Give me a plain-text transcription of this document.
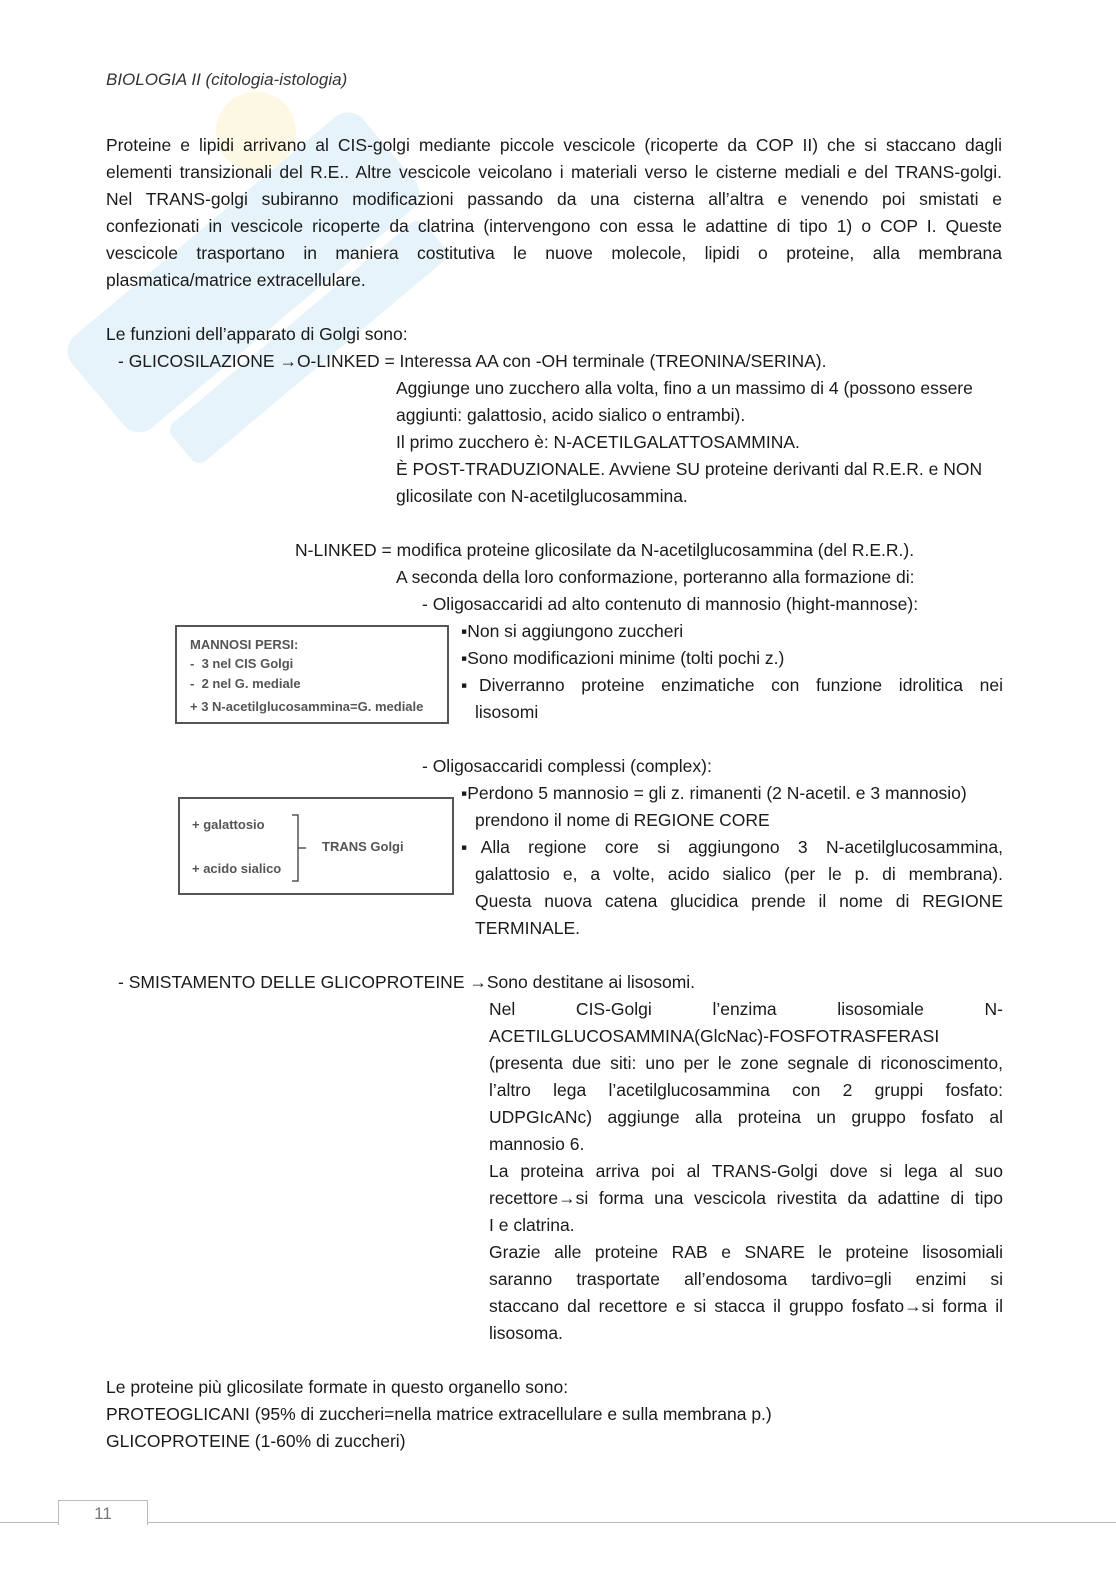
BIOLOGIA II (citologia-istologia)
Proteine e lipidi arrivano al CIS-golgi mediante piccole vescicole (ricoperte da COP II) che si staccano dagli
elementi transizionali del R.E.. Altre vescicole veicolano i materiali verso le cisterne mediali e del TRANS-golgi.
Nel TRANS-golgi subiranno modificazioni passando da una cisterna all’altra e venendo poi smistati e
confezionati in vescicole ricoperte da clatrina (intervengono con essa le adattine di tipo 1) o COP I. Queste
vescicole trasportano in maniera costitutiva le nuove molecole, lipidi o proteine, alla membrana
plasmatica/matrice extracellulare.
Le funzioni dell’apparato di Golgi sono:
- GLICOSILAZIONE →O-LINKED = Interessa AA con -OH terminale (TREONINA/SERINA).
Aggiunge uno zucchero alla volta, fino a un massimo di 4 (possono essere
aggiunti: galattosio, acido sialico o entrambi).
Il primo zucchero è: N-ACETILGALATTOSAMMINA.
È POST-TRADUZIONALE. Avviene SU proteine derivanti dal R.E.R. e NON
glicosilate con N-acetilglucosammina.
N-LINKED = modifica proteine glicosilate da N-acetilglucosammina (del R.E.R.).
A seconda della loro conformazione, porteranno alla formazione di:
- Oligosaccaridi ad alto contenuto di mannosio (hight-mannose):
▪ Non si aggiungono zuccheri
▪ Sono modificazioni minime (tolti pochi z.)
▪ Diverranno proteine enzimatiche con funzione idrolitica nei
lisosomi
MANNOSI PERSI:
-  3 nel CIS Golgi
-  2 nel G. mediale
+ 3 N-acetilglucosammina=G. mediale
- Oligosaccaridi complessi (complex):
▪ Perdono 5 mannosio = gli z. rimanenti (2 N-acetil. e 3 mannosio)
prendono il nome di REGIONE CORE
▪ Alla regione core si aggiungono 3 N-acetilglucosammina,
galattosio e, a volte, acido sialico (per le p. di membrana).
Questa nuova catena glucidica prende il nome di REGIONE
TERMINALE.
+ galattosio
+ acido sialico
TRANS Golgi
- SMISTAMENTO DELLE GLICOPROTEINE →Sono destitane ai lisosomi.
Nel CIS-Golgi l’enzima lisosomiale N-
ACETILGLUCOSAMMINA(GlcNac)-FOSFOTRASFERASI
(presenta due siti: uno per le zone segnale di riconoscimento,
l’altro lega l’acetilglucosammina con 2 gruppi fosfato:
UDPGIcANc) aggiunge alla proteina un gruppo fosfato al
mannosio 6.
La proteina arriva poi al TRANS-Golgi dove si lega al suo
recettore→si forma una vescicola rivestita da adattine di tipo
I e clatrina.
Grazie alle proteine RAB e SNARE le proteine lisosomiali
saranno trasportate all’endosoma tardivo=gli enzimi si
staccano dal recettore e si stacca il gruppo fosfato→si forma il
lisosoma.
Le proteine più glicosilate formate in questo organello sono:
PROTEOGLICANI (95% di zuccheri=nella matrice extracellulare e sulla membrana p.)
GLICOPROTEINE (1-60% di zuccheri)
11
